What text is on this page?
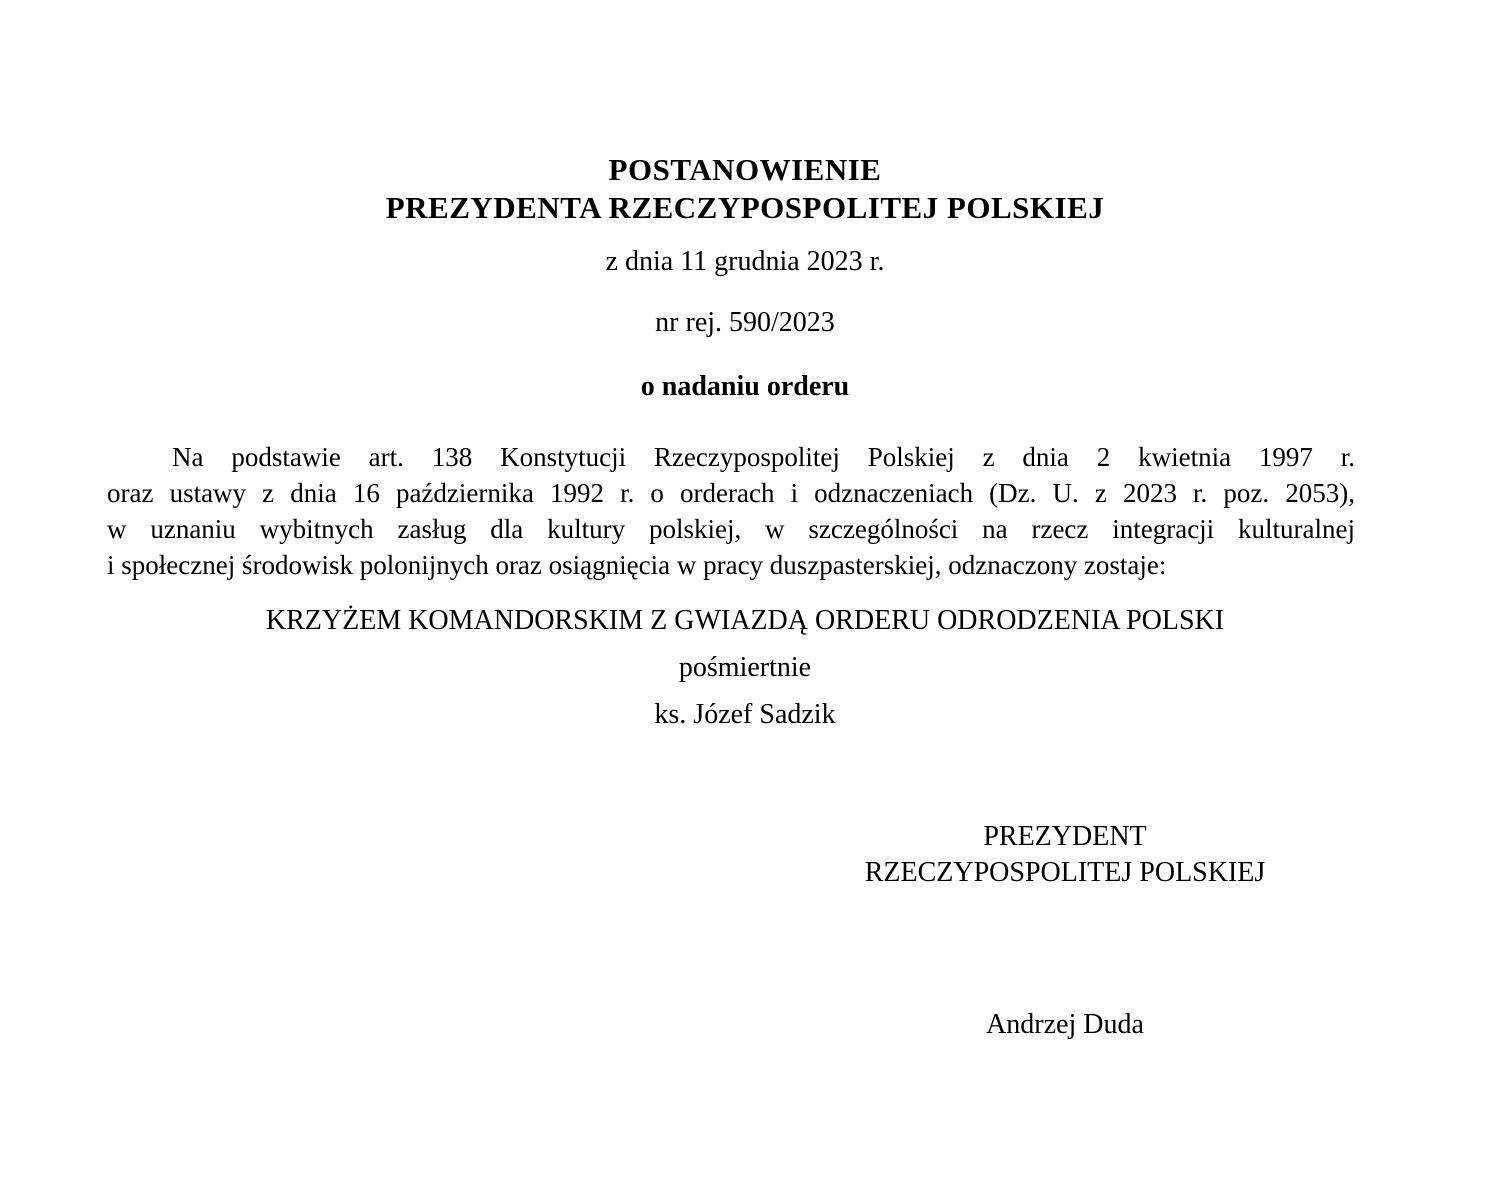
POSTANOWIENIE
PREZYDENTA RZECZYPOSPOLITEJ POLSKIEJ
z dnia 11 grudnia 2023 r.
nr rej. 590/2023
o nadaniu orderu

Na podstawie art. 138 Konstytucji Rzeczypospolitej Polskiej z dnia 2 kwietnia 1997 r.

oraz ustawy z dnia 16 października 1992 r. o orderach i odznaczeniach (Dz. U. z 2023 r. poz. 2053),

w uznaniu wybitnych zasług dla kultury polskiej, w szczególności na rzecz integracji kulturalnej

i społecznej środowisk polonijnych oraz osiągnięcia w pracy duszpasterskiej, odznaczony zostaje:

KRZYŻEM KOMANDORSKIM Z GWIAZDĄ ORDERU ODRODZENIA POLSKI
pośmiertnie
ks. Józef Sadzik
PREZYDENT
RZECZYPOSPOLITEJ POLSKIEJ
Andrzej Duda
